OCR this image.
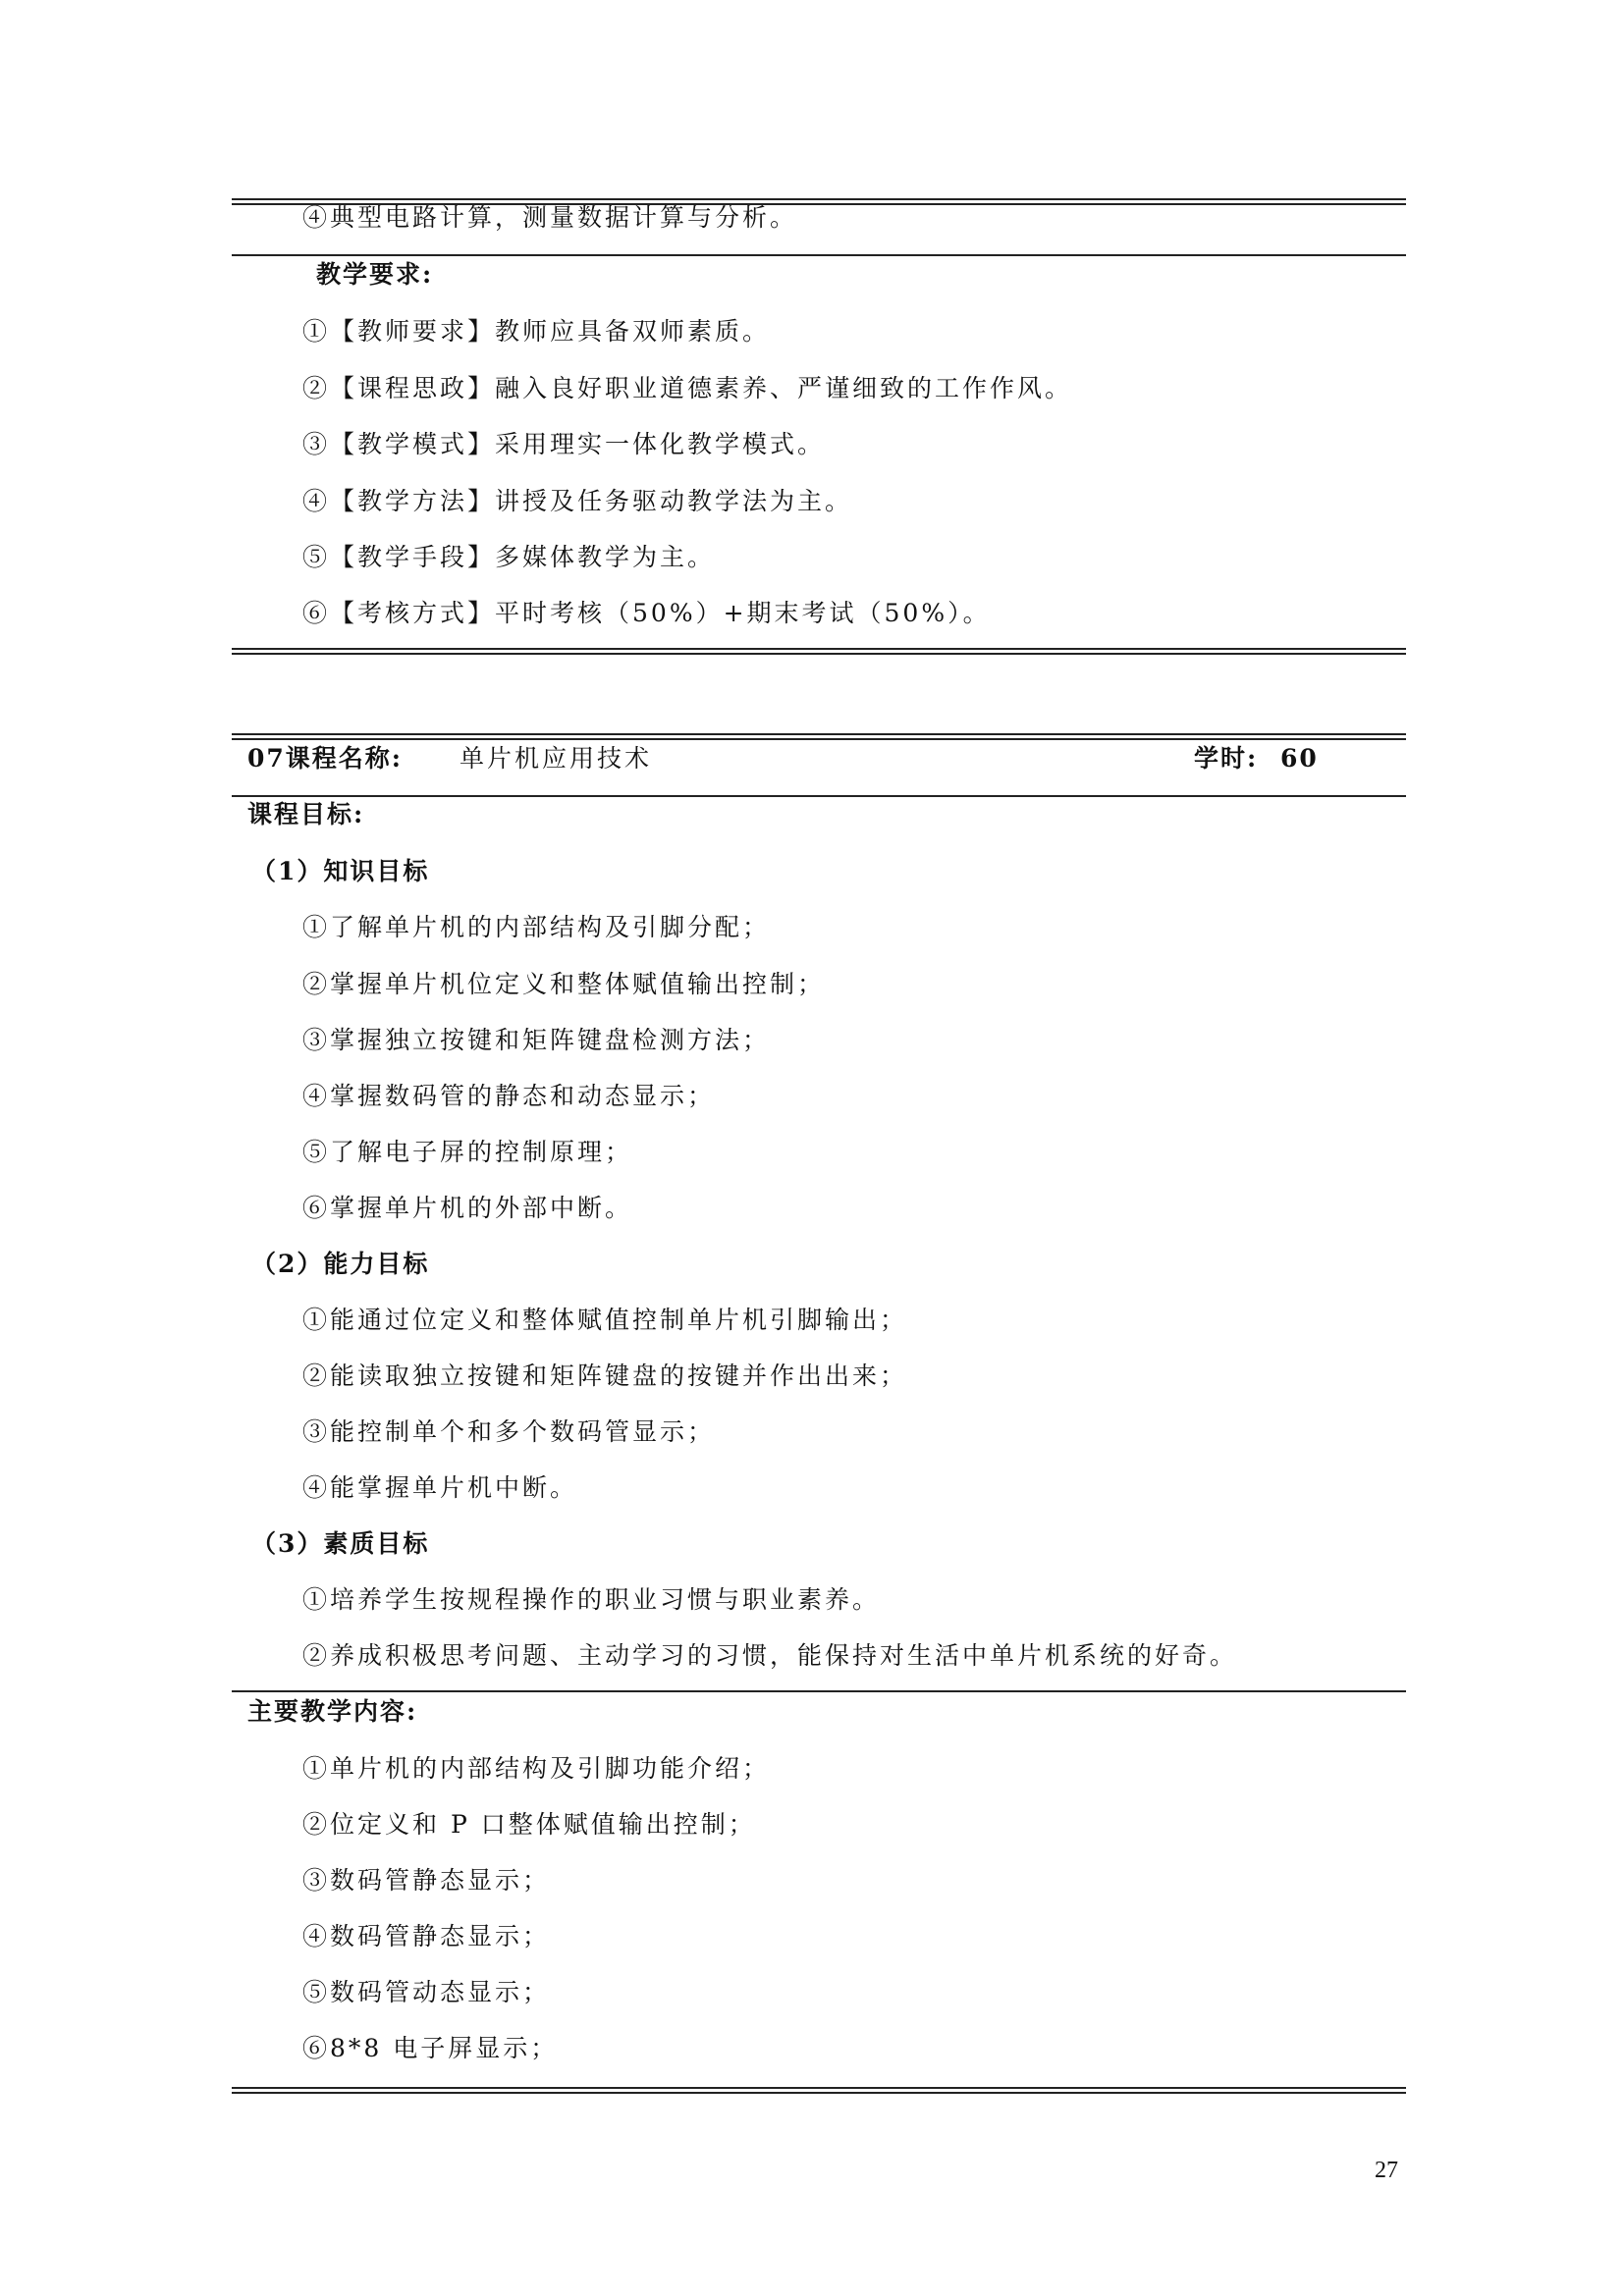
④典型电路计算，测量数据计算与分析。
教学要求:
①【教师要求】教师应具备双师素质。
②【课程思政】融入良好职业道德素养、严谨细致的工作作风。
③【教学模式】采用理实一体化教学模式。
④【教学方法】讲授及任务驱动教学法为主。
⑤【教学手段】多媒体教学为主。
⑥【考核方式】平时考核（50%）+期末考试（50%）。
07课程名称: 单片机应用技术	学时: 60
课程目标:
（1）知识目标
①了解单片机的内部结构及引脚分配；
②掌握单片机位定义和整体赋值输出控制；
③掌握独立按键和矩阵键盘检测方法；
④掌握数码管的静态和动态显示；
⑤了解电子屏的控制原理；
⑥掌握单片机的外部中断。
（2）能力目标
①能通过位定义和整体赋值控制单片机引脚输出；
②能读取独立按键和矩阵键盘的按键并作出出来；
③能控制单个和多个数码管显示；
④能掌握单片机中断。
（3）素质目标
①培养学生按规程操作的职业习惯与职业素养。
②养成积极思考问题、主动学习的习惯，能保持对生活中单片机系统的好奇。
主要教学内容:
①单片机的内部结构及引脚功能介绍；
②位定义和 P 口整体赋值输出控制；
③数码管静态显示；
④数码管静态显示；
⑤数码管动态显示；
⑥8*8 电子屏显示；
27
